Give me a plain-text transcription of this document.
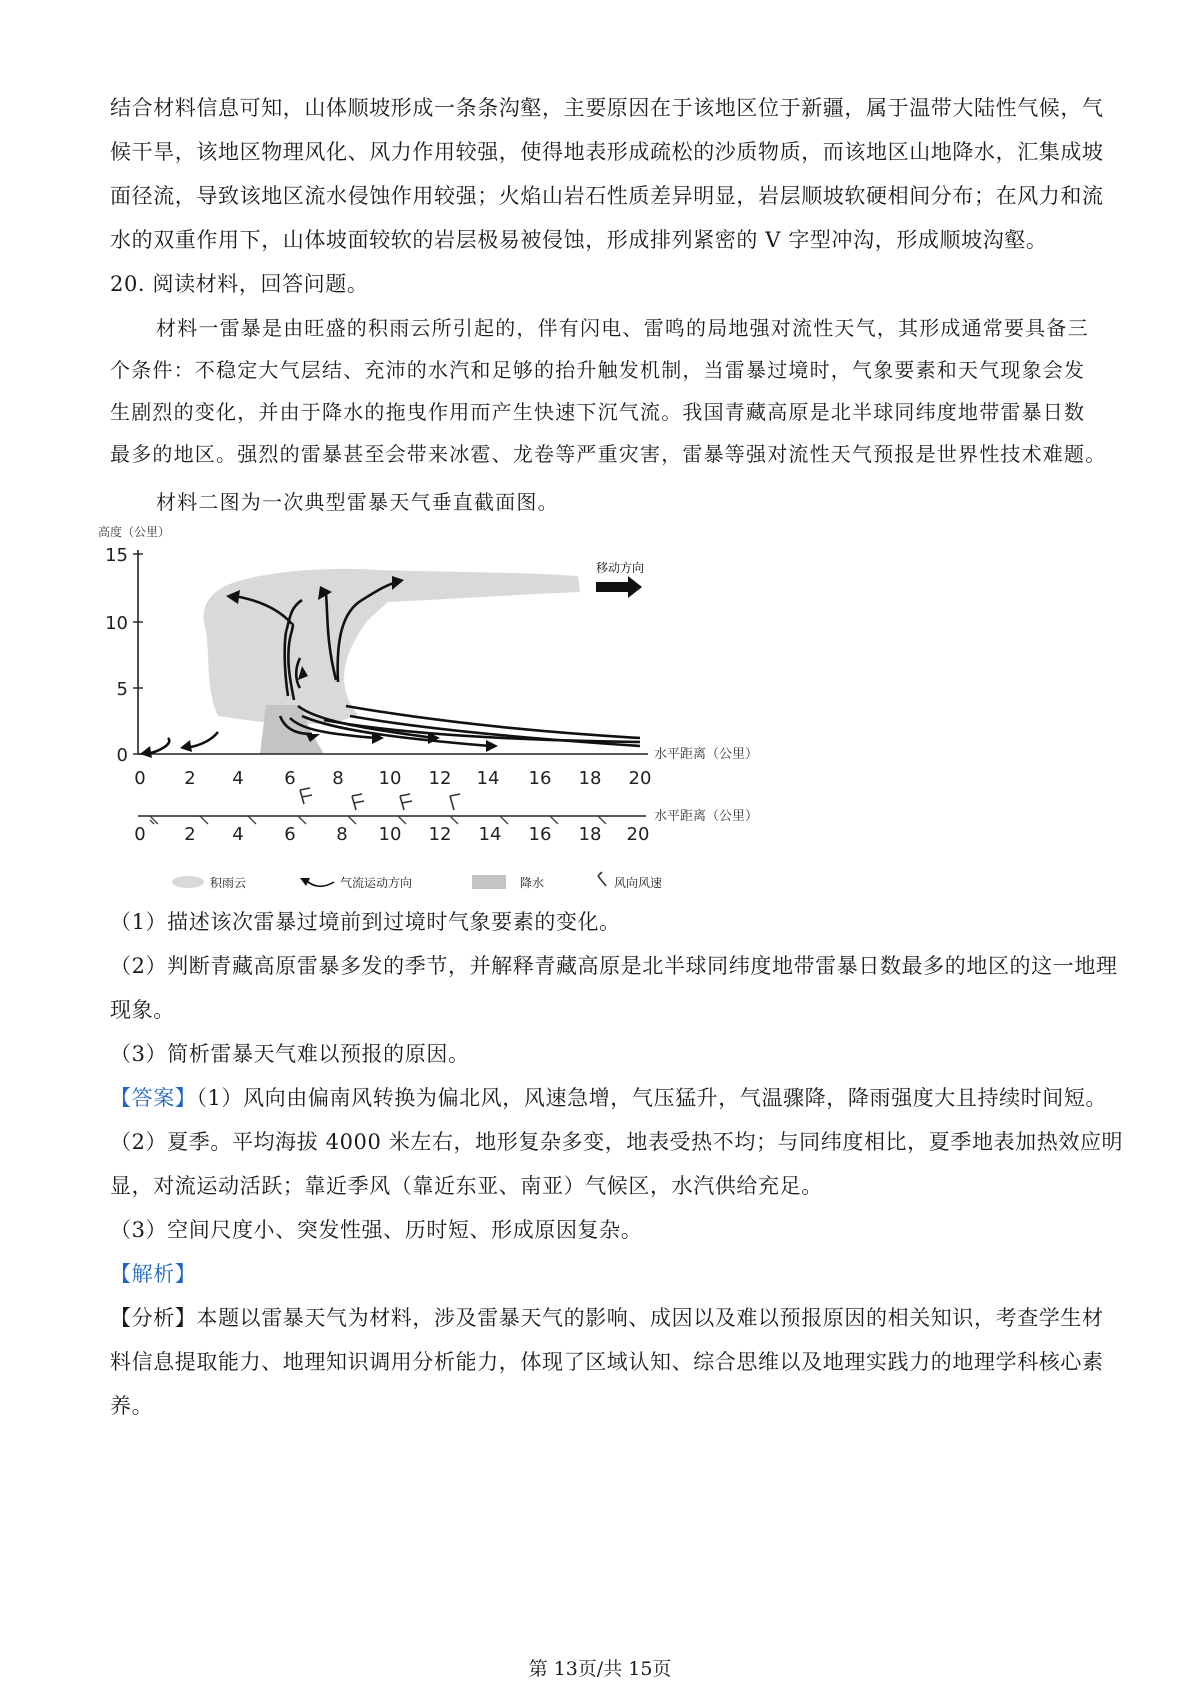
结合材料信息可知，山体顺坡形成一条条沟壑，主要原因在于该地区位于新疆，属于温带大陆性气候，气
候干旱，该地区物理风化、风力作用较强，使得地表形成疏松的沙质物质，而该地区山地降水，汇集成坡
面径流，导致该地区流水侵蚀作用较强；火焰山岩石性质差异明显，岩层顺坡软硬相间分布；在风力和流
水的双重作用下，山体坡面较软的岩层极易被侵蚀，形成排列紧密的 V 字型冲沟，形成顺坡沟壑。
20. 阅读材料，回答问题。
材料一雷暴是由旺盛的积雨云所引起的，伴有闪电、雷鸣的局地强对流性天气，其形成通常要具备三
个条件：不稳定大气层结、充沛的水汽和足够的抬升触发机制，当雷暴过境时，气象要素和天气现象会发
生剧烈的变化，并由于降水的拖曳作用而产生快速下沉气流。我国青藏高原是北半球同纬度地带雷暴日数
最多的地区。强烈的雷暴甚至会带来冰雹、龙卷等严重灾害，雷暴等强对流性天气预报是世界性技术难题。
材料二图为一次典型雷暴天气垂直截面图。
高度（公里）
15
10
5
0
0 2 4 6 8 10 12 14 16 18 20
水平距离（公里）
移动方向
0 2 4 6 8 10 12 14 16 18 20
水平距离（公里）
积雨云	气流运动方向	降水	风向风速
（1）描述该次雷暴过境前到过境时气象要素的变化。
（2）判断青藏高原雷暴多发的季节，并解释青藏高原是北半球同纬度地带雷暴日数最多的地区的这一地理
现象。
（3）简析雷暴天气难以预报的原因。
【答案】（1）风向由偏南风转换为偏北风，风速急增，气压猛升，气温骤降，降雨强度大且持续时间短。
（2）夏季。平均海拔 4000 米左右，地形复杂多变，地表受热不均；与同纬度相比，夏季地表加热效应明
显，对流运动活跃；靠近季风（靠近东亚、南亚）气候区，水汽供给充足。
（3）空间尺度小、突发性强、历时短、形成原因复杂。
【解析】
【分析】本题以雷暴天气为材料，涉及雷暴天气的影响、成因以及难以预报原因的相关知识，考查学生材
料信息提取能力、地理知识调用分析能力，体现了区域认知、综合思维以及地理实践力的地理学科核心素
养。
第 13页/共 15页
